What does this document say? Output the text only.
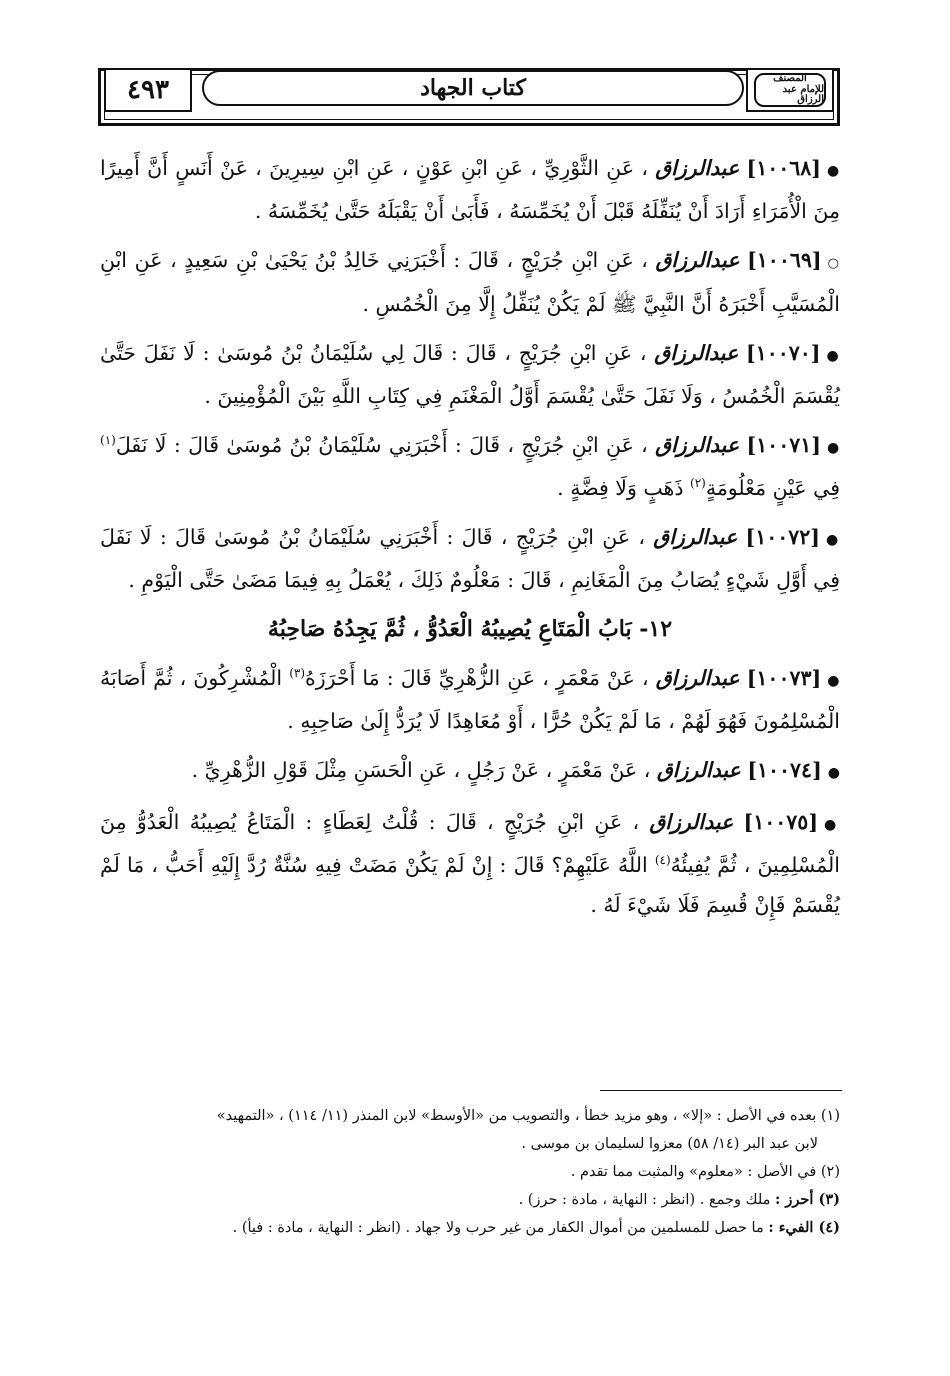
٤٩٣	كتاب الجهاد	المصنف
للإمام عبد الرزاق

●[١٠٠٦٨] عبدالرزاق ، عَنِ الثَّوْرِيِّ ، عَنِ ابْنِ عَوْنٍ ، عَنِ ابْنِ سِيرِينَ ، عَنْ أَنَسٍ أَنَّ أَمِيرًا مِنَ الْأُمَرَاءِ أَرَادَ أَنْ يُنَفِّلَهُ قَبْلَ أَنْ يُخَمِّسَهُ ، فَأَبَىٰ أَنْ يَقْبَلَهُ حَتَّىٰ يُخَمِّسَهُ .

○[١٠٠٦٩] عبدالرزاق ، عَنِ ابْنِ جُرَيْجٍ ، قَالَ : أَخْبَرَنِي خَالِدُ بْنُ يَحْيَىٰ بْنِ سَعِيدٍ ، عَنِ ابْنِ الْمُسَيَّبِ أَخْبَرَهُ أَنَّ النَّبِيَّ ﷺ لَمْ يَكُنْ يُنَفِّلُ إِلَّا مِنَ الْخُمُسِ .

●[١٠٠٧٠] عبدالرزاق ، عَنِ ابْنِ جُرَيْجٍ ، قَالَ : قَالَ لِي سُلَيْمَانُ بْنُ مُوسَىٰ : لَا نَفَلَ حَتَّىٰ يُقْسَمَ الْخُمُسُ ، وَلَا نَفَلَ حَتَّىٰ يُقْسَمَ أَوَّلُ الْمَغْنَمِ فِي كِتَابِ اللَّهِ بَيْنَ الْمُؤْمِنِينَ .

●[١٠٠٧١] عبدالرزاق ، عَنِ ابْنِ جُرَيْجٍ ، قَالَ : أَخْبَرَنِي سُلَيْمَانُ بْنُ مُوسَىٰ قَالَ : لَا نَفَلَ$^{(١)}$ فِي عَيْنٍ مَعْلُومَةٍ$^{(٢)}$ ذَهَبٍ وَلَا فِضَّةٍ .

●[١٠٠٧٢] عبدالرزاق ، عَنِ ابْنِ جُرَيْجٍ ، قَالَ : أَخْبَرَنِي سُلَيْمَانُ بْنُ مُوسَىٰ قَالَ : لَا نَفَلَ فِي أَوَّلِ شَيْءٍ يُصَابُ مِنَ الْمَغَانِمِ ، قَالَ : مَعْلُومٌ ذَلِكَ ، يُعْمَلُ بِهِ فِيمَا مَضَىٰ حَتَّى الْيَوْمِ .

١٢- بَابُ الْمَتَاعِ يُصِيبُهُ الْعَدُوُّ ، ثُمَّ يَجِدُهُ صَاحِبُهُ

●[١٠٠٧٣] عبدالرزاق ، عَنْ مَعْمَرٍ ، عَنِ الزُّهْرِيِّ قَالَ : مَا أَحْرَزَهُ$^{(٣)}$ الْمُشْرِكُونَ ، ثُمَّ أَصَابَهُ الْمُسْلِمُونَ فَهُوَ لَهُمْ ، مَا لَمْ يَكُنْ حُرًّا ، أَوْ مُعَاهِدًا لَا يُرَدُّ إِلَىٰ صَاحِبِهِ .

●[١٠٠٧٤] عبدالرزاق ، عَنْ مَعْمَرٍ ، عَنْ رَجُلٍ ، عَنِ الْحَسَنِ مِثْلَ قَوْلِ الزُّهْرِيِّ .

●[١٠٠٧٥] عبدالرزاق ، عَنِ ابْنِ جُرَيْجٍ ، قَالَ : قُلْتُ لِعَطَاءٍ : الْمَتَاعُ يُصِيبُهُ الْعَدُوُّ مِنَ الْمُسْلِمِينَ ، ثُمَّ يُفِيئُهُ$^{(٤)}$ اللَّهُ عَلَيْهِمْ؟ قَالَ : إِنْ لَمْ يَكُنْ مَضَتْ فِيهِ سُنَّةٌ رُدَّ إِلَيْهِ أَحَبُّ ، مَا لَمْ يُقْسَمْ فَإِنْ قُسِمَ فَلَا شَيْءَ لَهُ .

(١) بعده في الأصل : «إلا» ، وهو مزيد خطأ ، والتصويب من «الأوسط» لابن المنذر (١١/ ١١٤) ، «التمهيد»

لابن عبد البر (١٤/ ٥٨) معزوا لسليمان بن موسى .

(٢) في الأصل : «معلوم» والمثبت مما تقدم .

(٣) أحرز : ملك وجمع . (انظر : النهاية ، مادة : حرز) .

(٤) الفيء : ما حصل للمسلمين من أموال الكفار من غير حرب ولا جهاد . (انظر : النهاية ، مادة : فيأ) .
